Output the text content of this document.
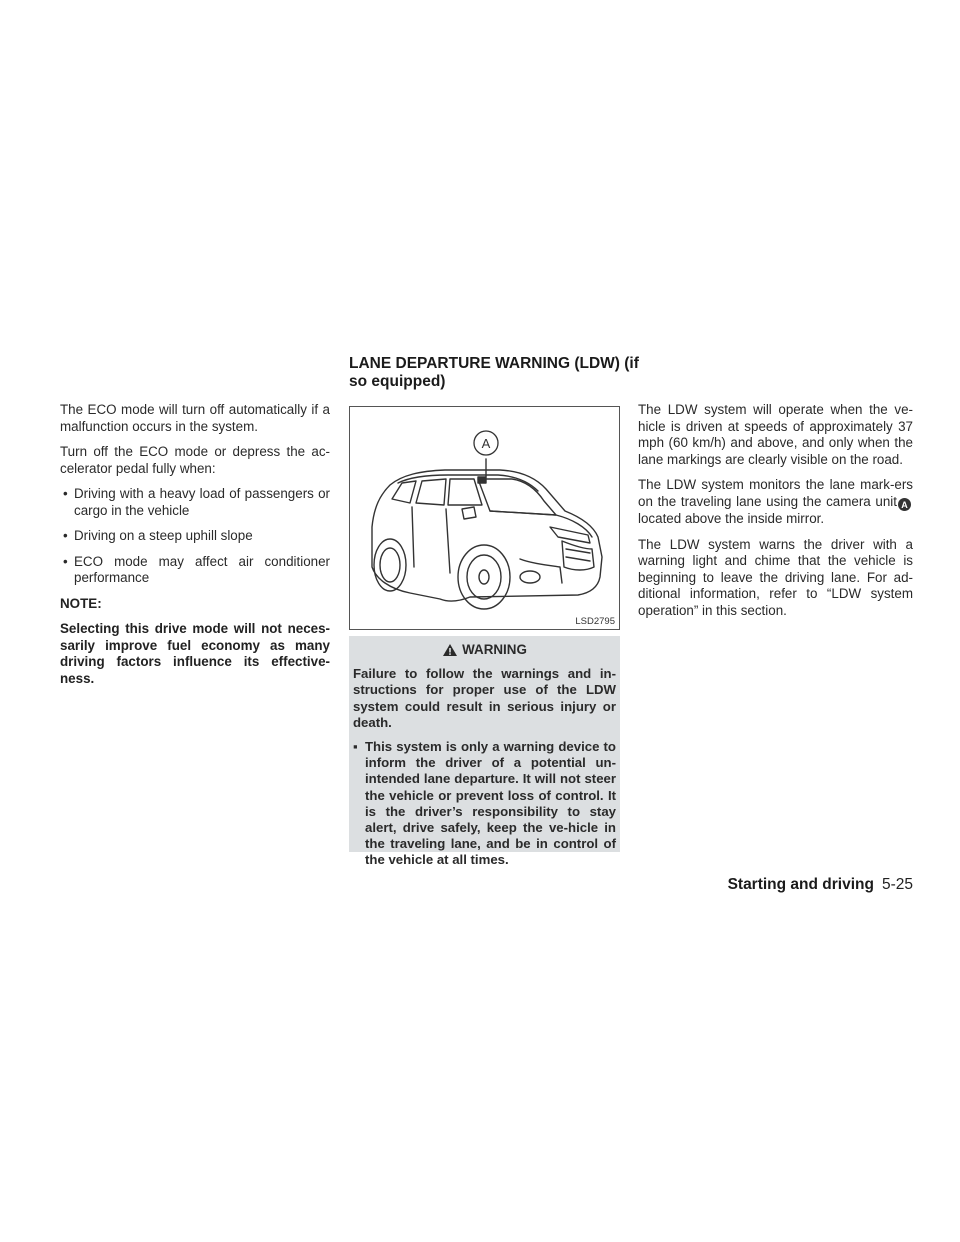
The ECO mode will turn off automatically if a malfunction occurs in the system.

Turn off the ECO mode or depress the ac-celerator pedal fully when:

• Driving with a heavy load of passengers or cargo in the vehicle
• Driving on a steep uphill slope
• ECO mode may affect air conditioner performance

NOTE:

Selecting this drive mode will not neces-sarily improve fuel economy as many driving factors influence its effective-ness.

LANE DEPARTURE WARNING (LDW) (if so equipped)
A
LSD2795
WARNING

Failure to follow the warnings and in-structions for proper use of the LDW system could result in serious injury or death.

▪ This system is only a warning device to inform the driver of a potential un-intended lane departure. It will not steer the vehicle or prevent loss of control. It is the driver’s responsibility to stay alert, drive safely, keep the ve-hicle in the traveling lane, and be in control of the vehicle at all times.

The LDW system will operate when the ve-hicle is driven at speeds of approximately 37 mph (60 km/h) and above, and only when the lane markings are clearly visible on the road.

The LDW system monitors the lane mark-ers on the traveling lane using the camera unit Alocated above the inside mirror.

The LDW system warns the driver with a warning light and chime that the vehicle is beginning to leave the driving lane. For ad-ditional information, refer to “LDW system operation” in this section.

Starting and driving 5-25
